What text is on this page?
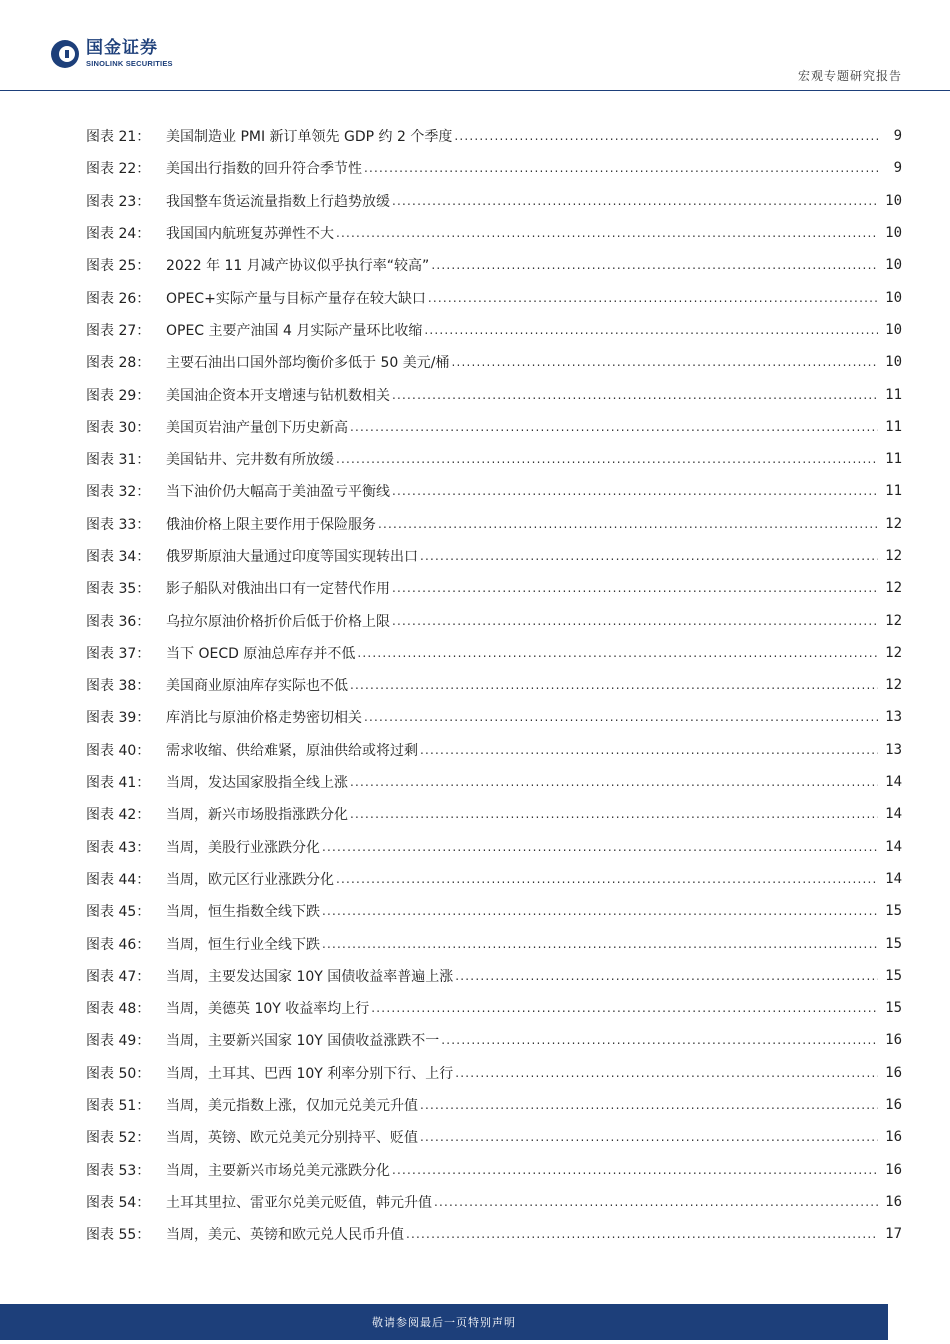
国金证券
SINOLINK SECURITIES
宏观专题研究报告
图表 21：	美国制造业 PMI 新订单领先 GDP 约 2 个季度 .....	9
图表 22：	美国出行指数的回升符合季节性 .....	9
图表 23：	我国整车货运流量指数上行趋势放缓 .....	10
图表 24：	我国国内航班复苏弹性不大 .....	10
图表 25：	2022 年 11 月减产协议似乎执行率“较高” .....	10
图表 26：	OPEC+实际产量与目标产量存在较大缺口 .....	10
图表 27：	OPEC 主要产油国 4 月实际产量环比收缩 .....	10
图表 28：	主要石油出口国外部均衡价多低于 50 美元/桶 .....	10
图表 29：	美国油企资本开支增速与钻机数相关 .....	11
图表 30：	美国页岩油产量创下历史新高 .....	11
图表 31：	美国钻井、完井数有所放缓 .....	11
图表 32：	当下油价仍大幅高于美油盈亏平衡线 .....	11
图表 33：	俄油价格上限主要作用于保险服务 .....	12
图表 34：	俄罗斯原油大量通过印度等国实现转出口 .....	12
图表 35：	影子船队对俄油出口有一定替代作用 .....	12
图表 36：	乌拉尔原油价格折价后低于价格上限 .....	12
图表 37：	当下 OECD 原油总库存并不低 .....	12
图表 38：	美国商业原油库存实际也不低 .....	12
图表 39：	库消比与原油价格走势密切相关 .....	13
图表 40：	需求收缩、供给难紧，原油供给或将过剩 .....	13
图表 41：	当周，发达国家股指全线上涨 .....	14
图表 42：	当周，新兴市场股指涨跌分化 .....	14
图表 43：	当周，美股行业涨跌分化 .....	14
图表 44：	当周，欧元区行业涨跌分化 .....	14
图表 45：	当周，恒生指数全线下跌 .....	15
图表 46：	当周，恒生行业全线下跌 .....	15
图表 47：	当周，主要发达国家 10Y 国债收益率普遍上涨 .....	15
图表 48：	当周，美德英 10Y 收益率均上行 .....	15
图表 49：	当周，主要新兴国家 10Y 国债收益涨跌不一 .....	16
图表 50：	当周，土耳其、巴西 10Y 利率分别下行、上行 .....	16
图表 51：	当周，美元指数上涨，仅加元兑美元升值 .....	16
图表 52：	当周，英镑、欧元兑美元分别持平、贬值 .....	16
图表 53：	当周，主要新兴市场兑美元涨跌分化 .....	16
图表 54：	土耳其里拉、雷亚尔兑美元贬值，韩元升值 .....	16
图表 55：	当周，美元、英镑和欧元兑人民币升值 .....	17
敬请参阅最后一页特别声明
